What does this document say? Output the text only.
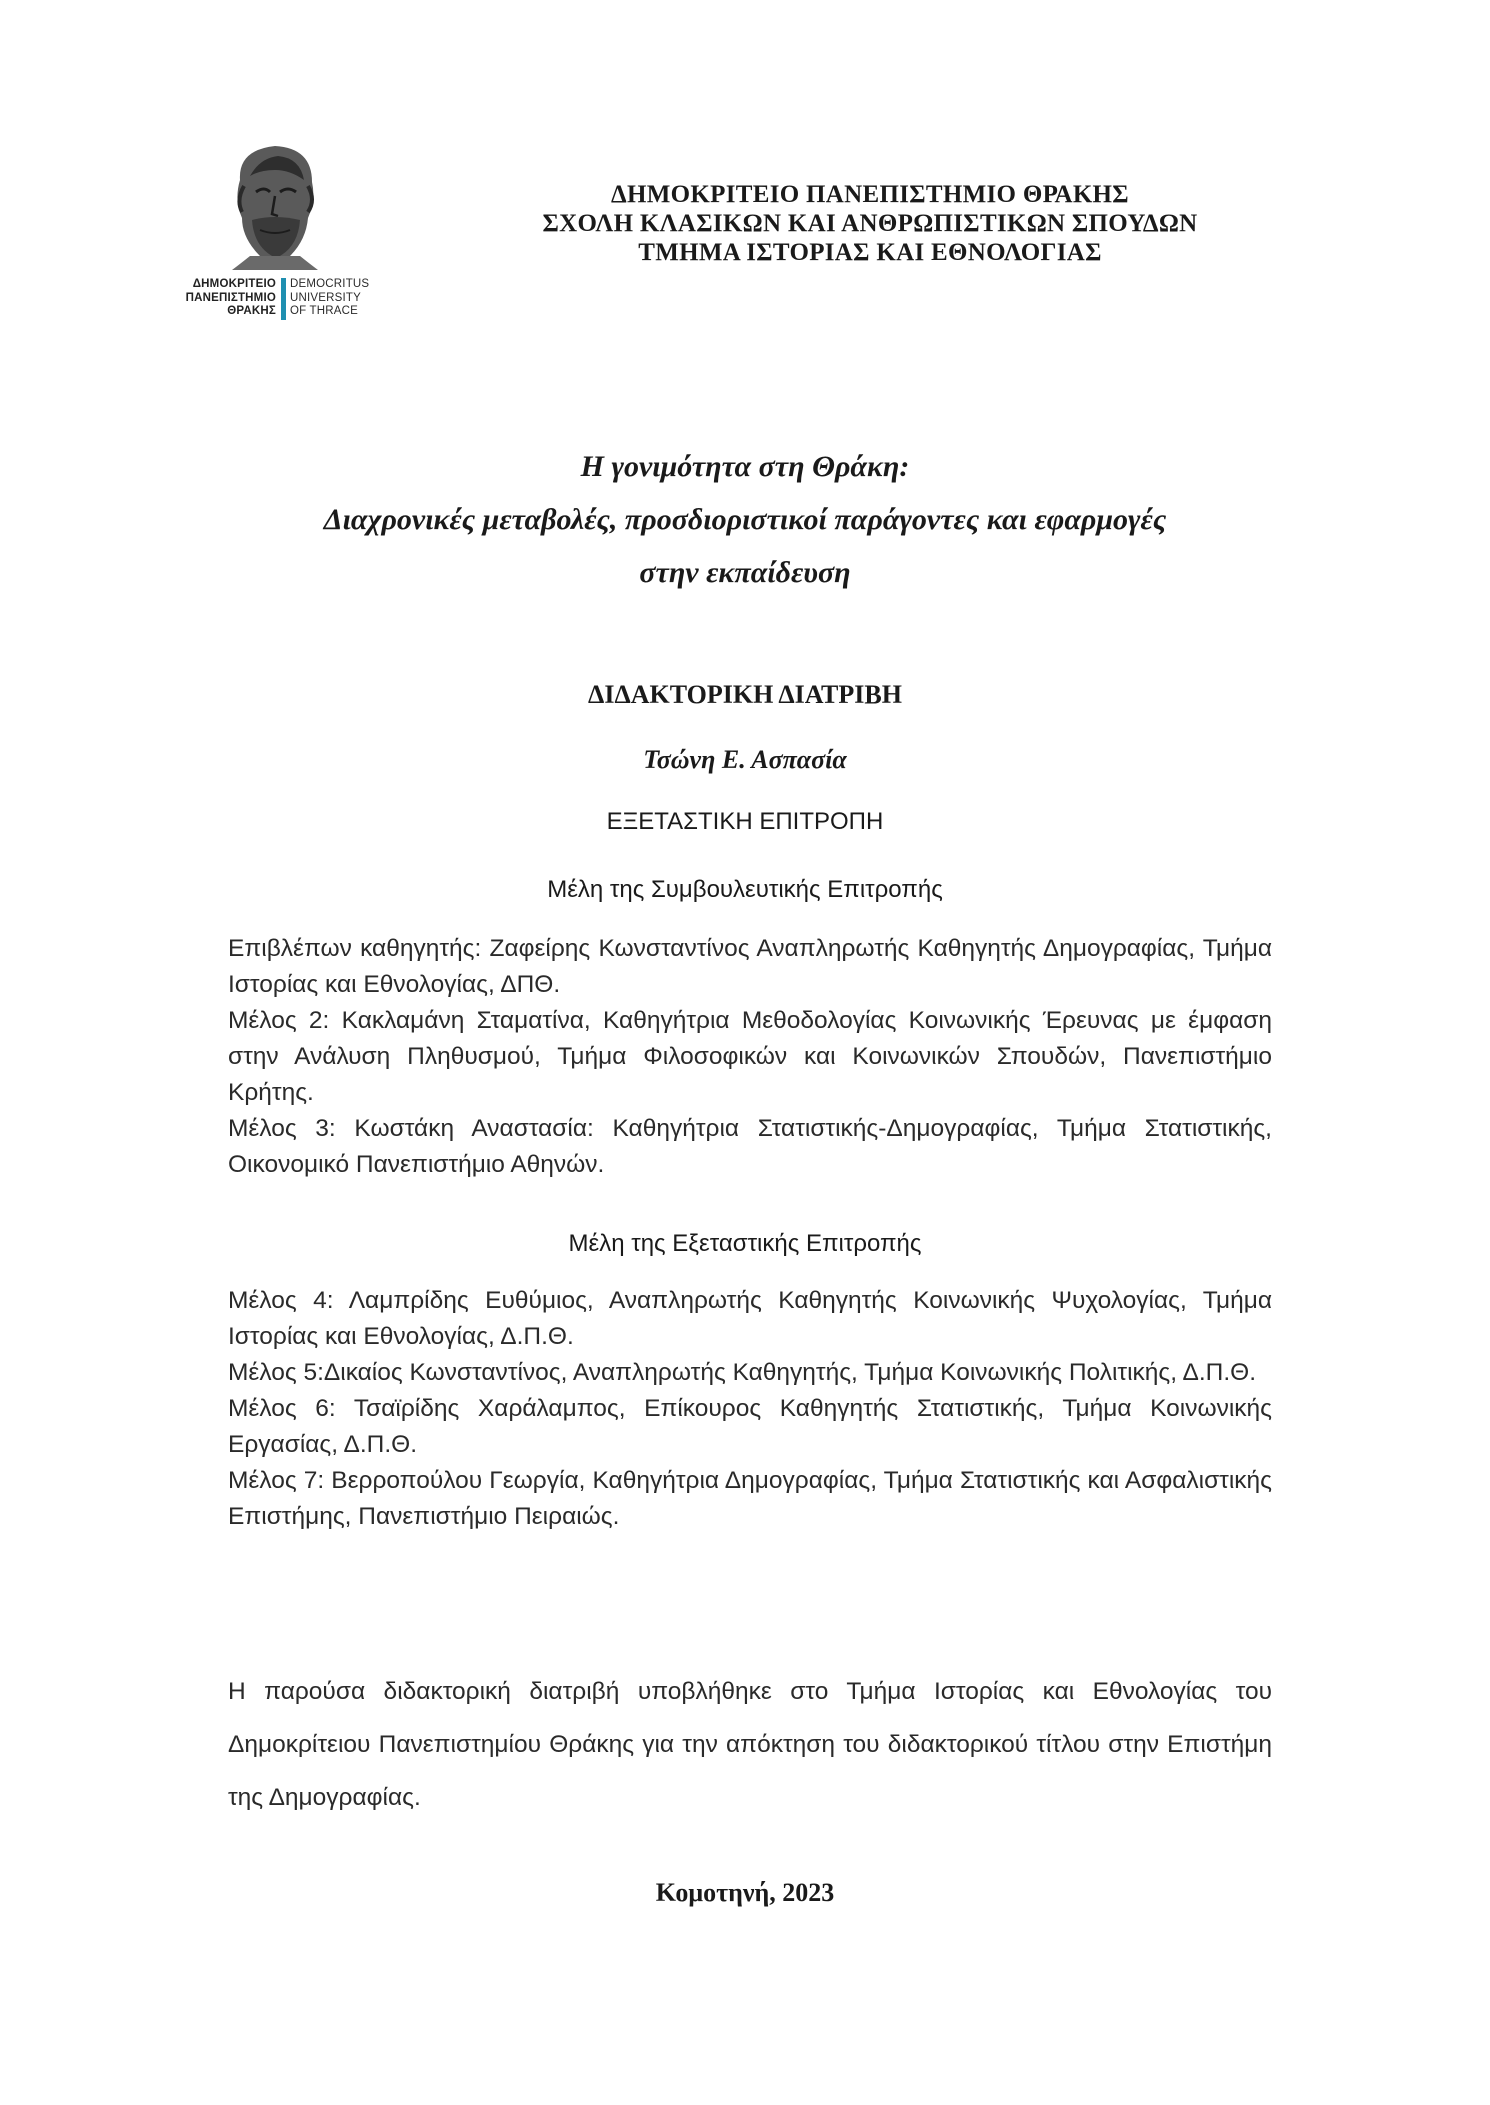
ΔΗΜΟΚΡΙΤΕΙΟ
ΠΑΝΕΠΙΣΤΗΜΙΟ
ΘΡΑΚΗΣ
DEMOCRITUS
UNIVERSITY
OF THRACE
ΔΗΜΟΚΡΙΤΕΙΟ ΠΑΝΕΠΙΣΤΗΜΙΟ ΘΡΑΚΗΣ
ΣΧΟΛΗ ΚΛΑΣΙΚΩΝ ΚΑΙ ΑΝΘΡΩΠΙΣΤΙΚΩΝ ΣΠΟΥΔΩΝ
ΤΜΗΜΑ ΙΣΤΟΡΙΑΣ ΚΑΙ ΕΘΝΟΛΟΓΙΑΣ
Η γονιμότητα στη Θράκη:
Διαχρονικές μεταβολές, προσδιοριστικοί παράγοντες και εφαρμογές
στην εκπαίδευση
ΔΙΔΑΚΤΟΡΙΚΗ ΔΙΑΤΡΙΒΗ
Τσώνη Ε. Ασπασία
ΕΞΕΤΑΣΤΙΚΗ ΕΠΙΤΡΟΠΗ
Μέλη της Συμβουλευτικής Επιτροπής

Επιβλέπων καθηγητής: Ζαφείρης Κωνσταντίνος Αναπληρωτής Καθηγητής Δημογραφίας, Τμήμα Ιστορίας και Εθνολογίας, ΔΠΘ.

Μέλος 2: Κακλαμάνη Σταματίνα, Καθηγήτρια Μεθοδολογίας Κοινωνικής Έρευνας με έμφαση στην Ανάλυση Πληθυσμού, Τμήμα Φιλοσοφικών και Κοινωνικών Σπουδών, Πανεπιστήμιο Κρήτης.

Μέλος 3: Κωστάκη Αναστασία: Καθηγήτρια Στατιστικής-Δημογραφίας, Τμήμα Στατιστικής, Οικονομικό Πανεπιστήμιο Αθηνών.

Μέλη της Εξεταστικής Επιτροπής

Μέλος 4: Λαμπρίδης Ευθύμιος, Αναπληρωτής Καθηγητής Κοινωνικής Ψυχολογίας, Τμήμα Ιστορίας και Εθνολογίας, Δ.Π.Θ.

Μέλος 5:Δικαίος Κωνσταντίνος, Αναπληρωτής Καθηγητής, Τμήμα Κοινωνικής Πολιτικής, Δ.Π.Θ.

Μέλος 6: Τσαϊρίδης Χαράλαμπος, Επίκουρος Καθηγητής Στατιστικής, Τμήμα Κοινωνικής Εργασίας, Δ.Π.Θ.

Μέλος 7: Βερροπούλου Γεωργία, Καθηγήτρια Δημογραφίας, Τμήμα Στατιστικής και Ασφαλιστικής Επιστήμης, Πανεπιστήμιο Πειραιώς.

Η παρούσα διδακτορική διατριβή υποβλήθηκε στο Τμήμα Ιστορίας και Εθνολογίας του Δημοκρίτειου Πανεπιστημίου Θράκης για την απόκτηση του διδακτορικού τίτλου στην Επιστήμη της Δημογραφίας.
Κομοτηνή, 2023
